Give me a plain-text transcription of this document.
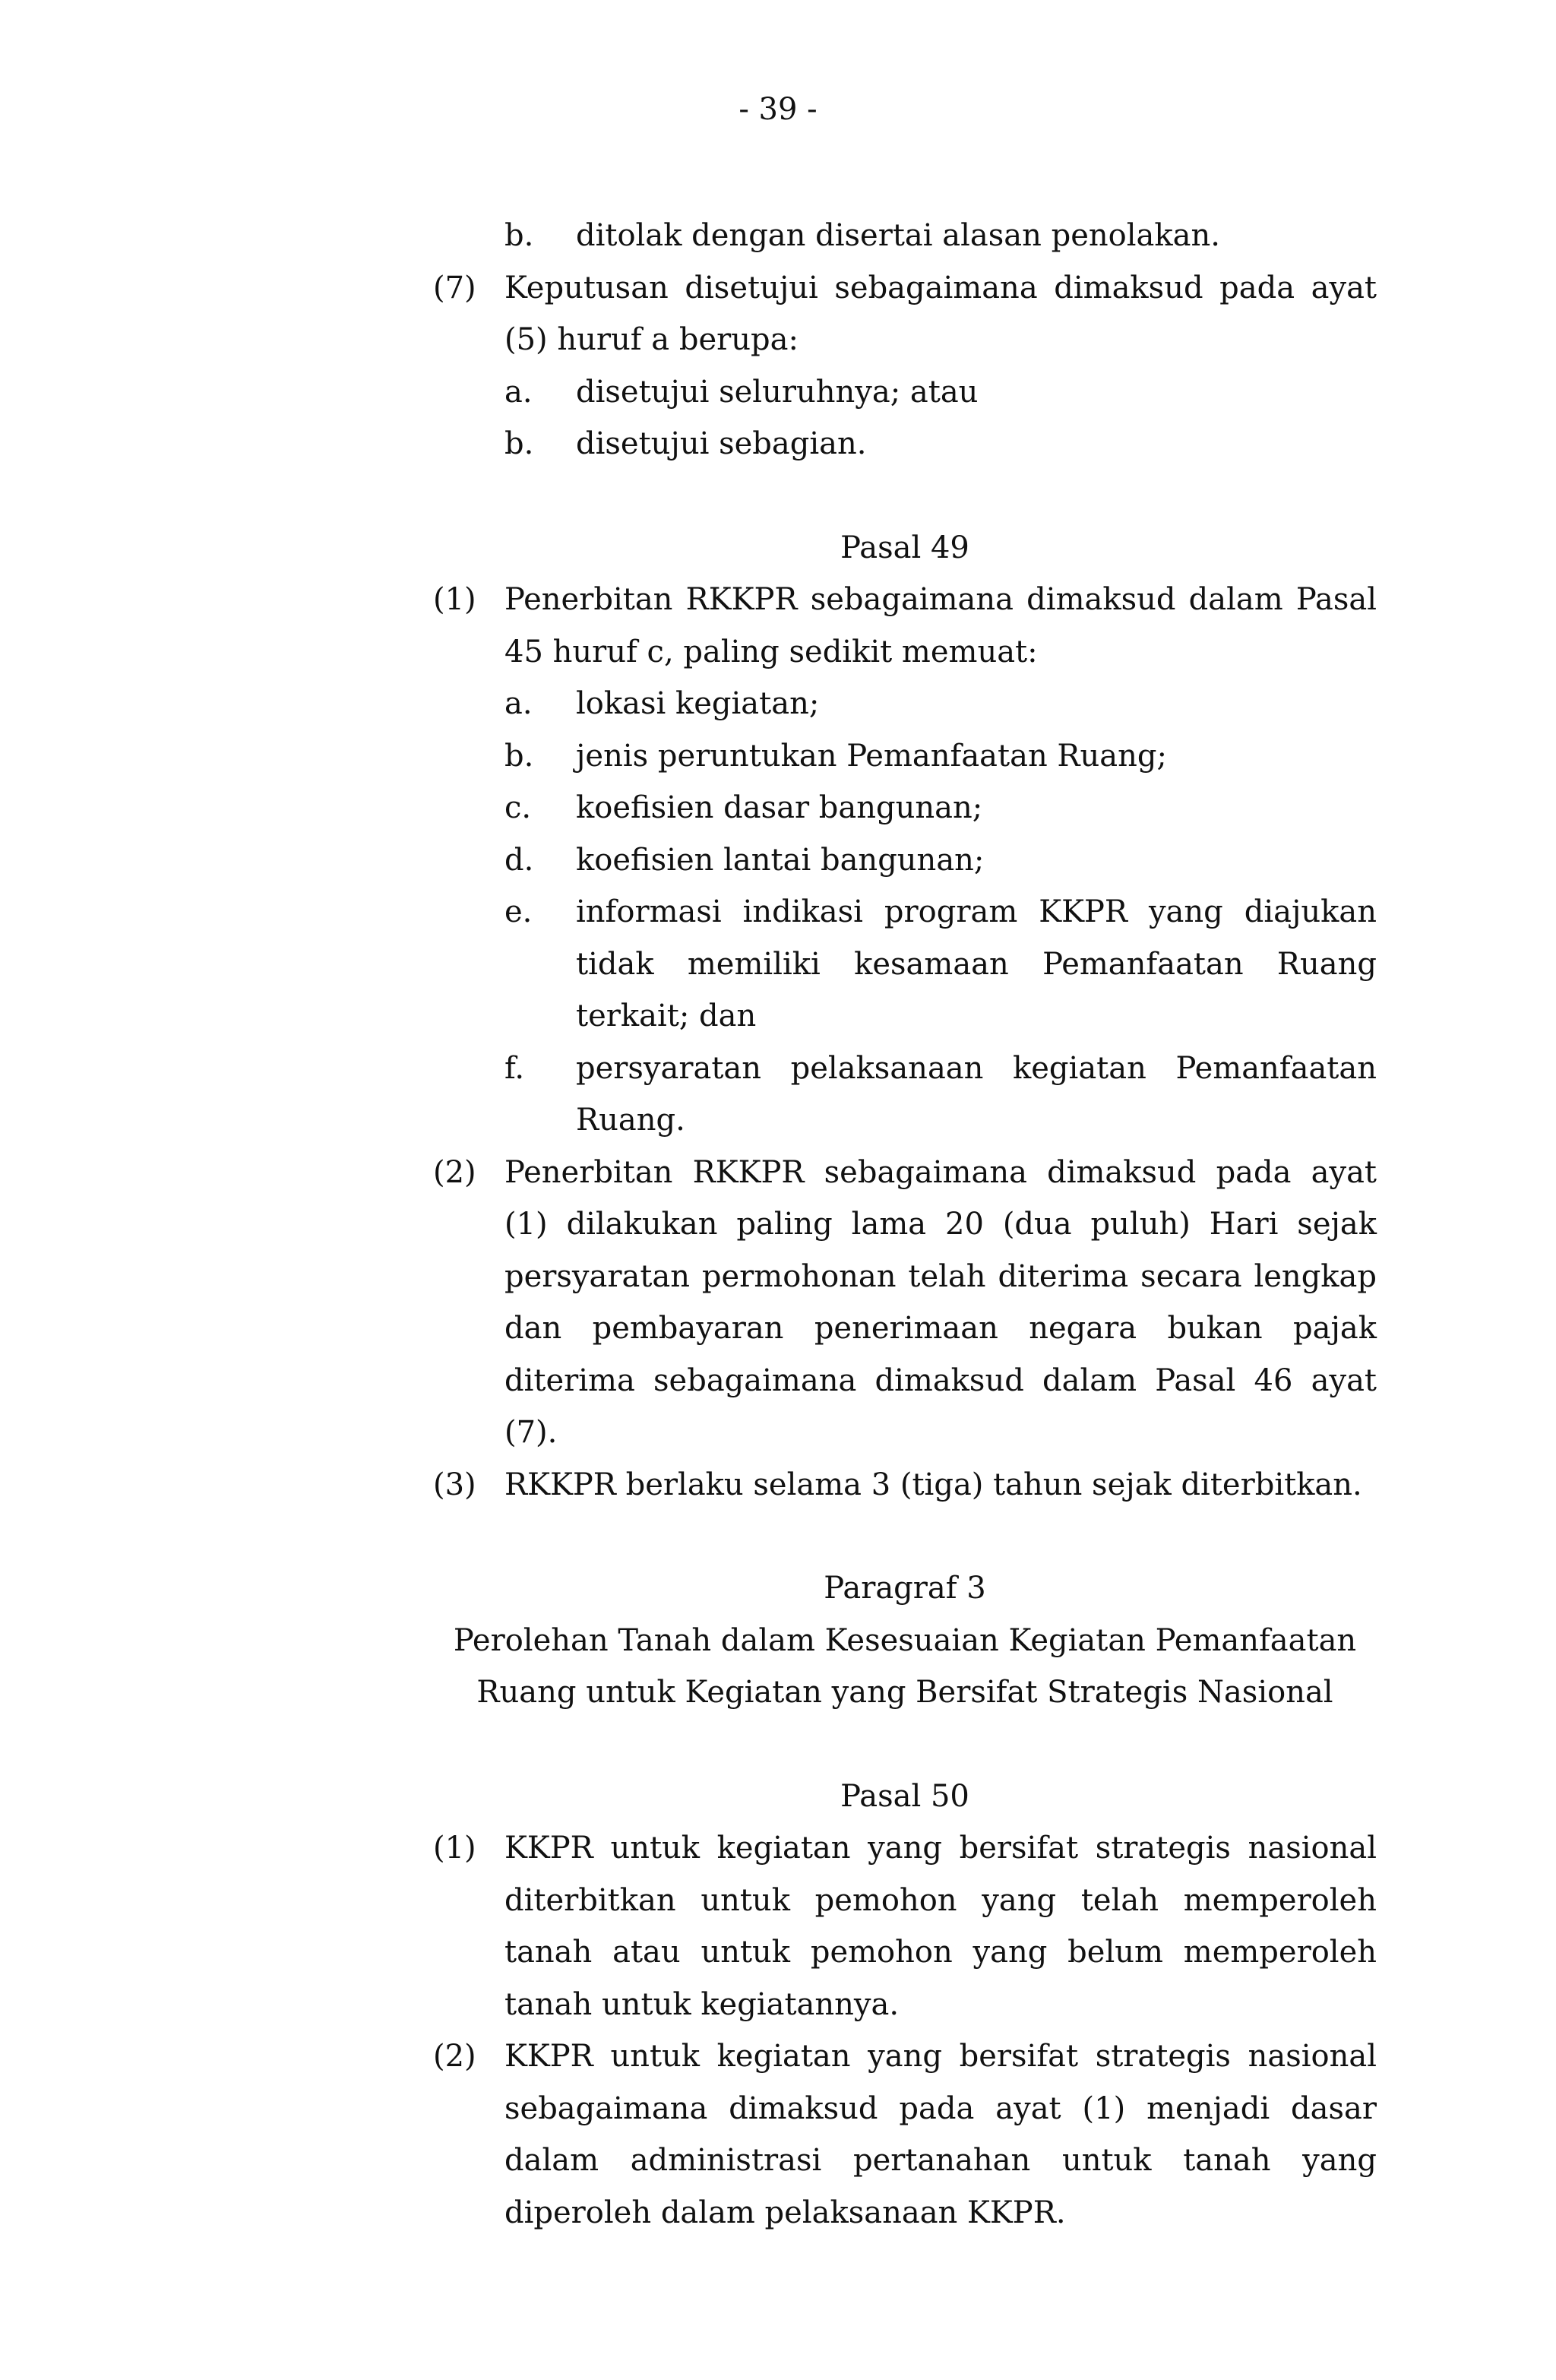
- 39 -
b.	ditolak dengan disertai alasan penolakan.
(7) Keputusan disetujui sebagaimana dimaksud pada ayat (5) huruf a berupa:
a.	disetujui seluruhnya; atau
b.	disetujui sebagian.
Pasal 49
(1) Penerbitan RKKPR sebagaimana dimaksud dalam Pasal 45 huruf c, paling sedikit memuat:
a.	lokasi kegiatan;
b.	jenis peruntukan Pemanfaatan Ruang;
c.	koefisien dasar bangunan;
d.	koefisien lantai bangunan;
e.	informasi indikasi program KKPR yang diajukan tidak memiliki kesamaan Pemanfaatan Ruang terkait; dan
f.	persyaratan pelaksanaan kegiatan Pemanfaatan Ruang.
(2) Penerbitan RKKPR sebagaimana dimaksud pada ayat (1) dilakukan paling lama 20 (dua puluh) Hari sejak persyaratan permohonan telah diterima secara lengkap dan pembayaran penerimaan negara bukan pajak diterima sebagaimana dimaksud dalam Pasal 46 ayat (7).
(3) RKKPR berlaku selama 3 (tiga) tahun sejak diterbitkan.
Paragraf 3
Perolehan Tanah dalam Kesesuaian Kegiatan Pemanfaatan
Ruang untuk Kegiatan yang Bersifat Strategis Nasional
Pasal 50
(1) KKPR untuk kegiatan yang bersifat strategis nasional diterbitkan untuk pemohon yang telah memperoleh tanah atau untuk pemohon yang belum memperoleh tanah untuk kegiatannya.
(2) KKPR untuk kegiatan yang bersifat strategis nasional sebagaimana dimaksud pada ayat (1) menjadi dasar dalam administrasi pertanahan untuk tanah yang diperoleh dalam pelaksanaan KKPR.
